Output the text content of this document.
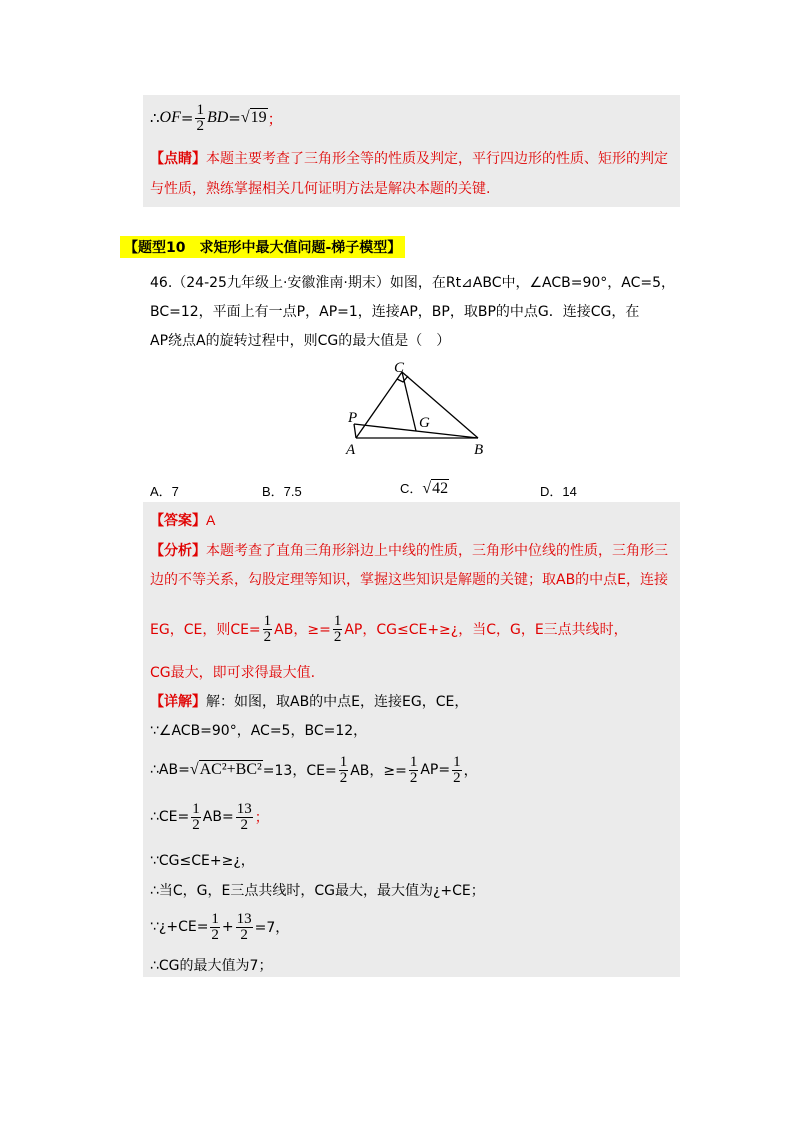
∴ OF = $\frac{1}{2}$ BD = √19 ；
【点睛】 本题主要考查了三角形全等的性质及判定，平行四边形的性质、矩形的判定
与性质，熟练掌握相关几何证明方法是解决本题的关键.
【题型10　求矩形中最大值问题-梯子模型】
46.（24-25九年级上·安徽淮南·期末）如图，在Rt⊿ABC中，∠ACB=90°，AC=5，
BC=12，平面上有一点P，AP=1，连接AP，BP，取BP的中点G．连接CG，在
AP绕点A的旋转过程中，则CG的最大值是（　）
C
P	G
A	B
A．7	B．7.5	C．√42	D．14
【答案】 A
【分析】 本题考查了直角三角形斜边上中线的性质，三角形中位线的性质，三角形三
边的不等关系，勾股定理等知识，掌握这些知识是解题的关键；取AB的中点E，连接
EG，CE，则$CE= \frac{1}{2}$ AB，≥= $\frac{1}{2}$ AP，CG≤CE+≥¿，当C，G，E三点共线时，
CG最大，即可求得最大值.
【详解】 解：如图，取AB的中点E，连接EG，CE，
∵∠ACB=90°，AC=5，BC=12，
∴AB= √AC²+BC² =13，$CE= \frac{1}{2}$ AB，≥= $\frac{1}{2} AP= \frac{1}{2}$ ，
∴CE= $\frac{1}{2} AB= \frac{13}{2}$ ；
∵CG≤CE+≥¿，
∴当C，G，E三点共线时，CG最大，最大值为¿+CE；
∵¿+CE= $\frac{1}{2} + \frac{13}{2} =7$，
∴CG的最大值为7；
